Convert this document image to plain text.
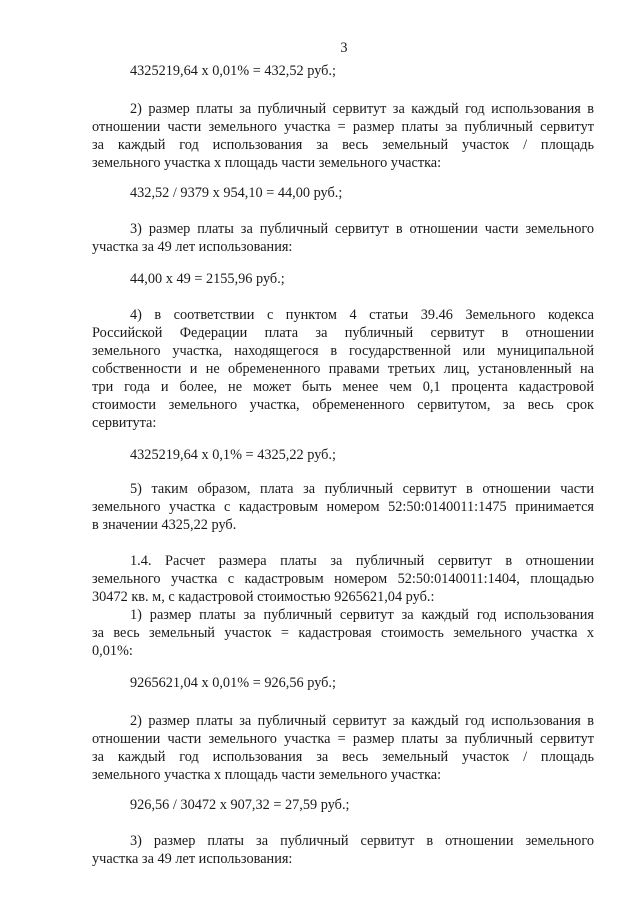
3
4325219,64 x 0,01% = 432,52 руб.;
2) размер платы за публичный сервитут за каждый год использования в
отношении части земельного участка = размер платы за публичный сервитут
за каждый год использования за весь земельный участок / площадь
земельного участка x площадь части земельного участка:
432,52 / 9379 x 954,10 = 44,00 руб.;
3) размер платы за публичный сервитут в отношении части земельного
участка за 49 лет использования:
44,00 x 49 = 2155,96 руб.;
4) в соответствии с пунктом 4 статьи 39.46 Земельного кодекса
Российской Федерации плата за публичный сервитут в отношении
земельного участка, находящегося в государственной или муниципальной
собственности и не обремененного правами третьих лиц, установленный на
три года и более, не может быть менее чем 0,1 процента кадастровой
стоимости земельного участка, обремененного сервитутом, за весь срок
сервитута:
4325219,64 x 0,1% = 4325,22 руб.;
5) таким образом, плата за публичный сервитут в отношении части
земельного участка с кадастровым номером 52:50:0140011:1475 принимается
в значении 4325,22 руб.
1.4. Расчет размера платы за публичный сервитут в отношении
земельного участка с кадастровым номером 52:50:0140011:1404, площадью
30472 кв. м, с кадастровой стоимостью 9265621,04 руб.:
1) размер платы за публичный сервитут за каждый год использования
за весь земельный участок = кадастровая стоимость земельного участка x
0,01%:
9265621,04 x 0,01% = 926,56 руб.;
2) размер платы за публичный сервитут за каждый год использования в
отношении части земельного участка = размер платы за публичный сервитут
за каждый год использования за весь земельный участок / площадь
земельного участка x площадь части земельного участка:
926,56 / 30472 x 907,32 = 27,59 руб.;
3) размер платы за публичный сервитут в отношении земельного
участка за 49 лет использования:
